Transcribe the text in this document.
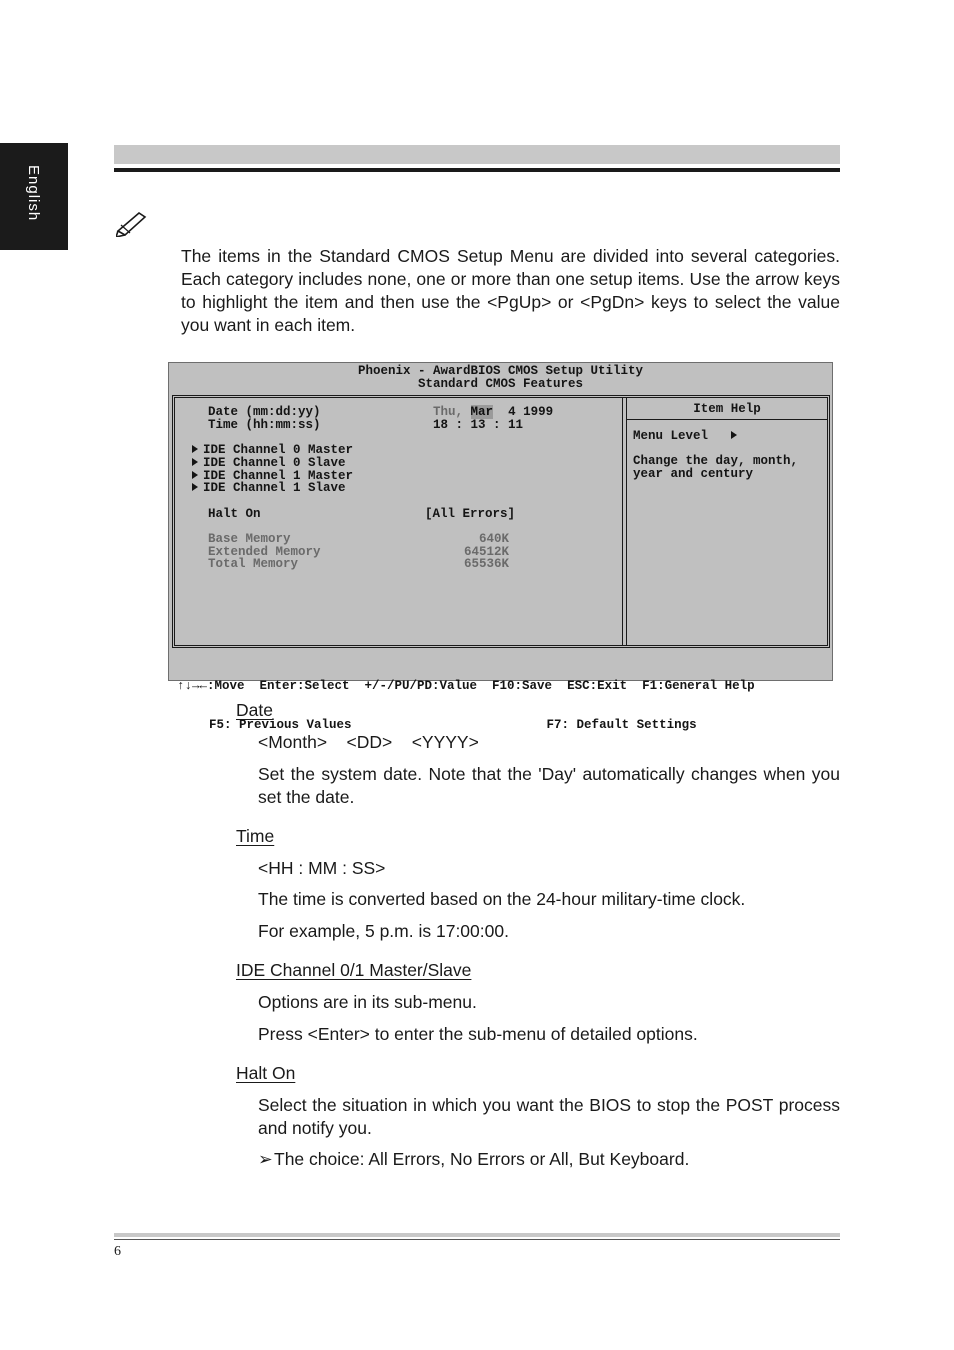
English

The items in the Standard CMOS Setup Menu are divided into several categories. Each category includes none, one or more than one setup items. Use the arrow keys to highlight the item and then use the <PgUp> or <PgDn> keys to select the value you want in each item.

Phoenix - AwardBIOS CMOS Setup Utility
Standard CMOS Features
Date (mm:dd:yy)	Thu, Mar 4 1999
Time (hh:mm:ss)	18 : 13 : 11
IDE Channel 0 Master
IDE Channel 0 Slave
IDE Channel 1 Master
IDE Channel 1 Slave
Halt On	[All Errors]
Base Memory	640K
Extended Memory	64512K
Total Memory	65536K
Item Help
Menu Level
Change the day, month,
year and century

↑↓→←:Move  Enter:Select  +/-/PU/PD:Value  F10:Save  ESC:Exit  F1:General Help

F5: Previous Values                          F7: Default Settings

Date

<Month>    <DD>    <YYYY>

Set the system date. Note that the 'Day' automatically changes when you set the date.

Time

<HH : MM : SS>

The time is converted based on the 24-hour military-time clock.

For example, 5 p.m. is 17:00:00.

IDE Channel 0/1 Master/Slave

Options are in its sub-menu.

Press <Enter> to enter the sub-menu of detailed options.

Halt On

Select the situation in which you want the BIOS to stop the POST process and notify you.

➢The choice: All Errors, No Errors or All, But Keyboard.

6
